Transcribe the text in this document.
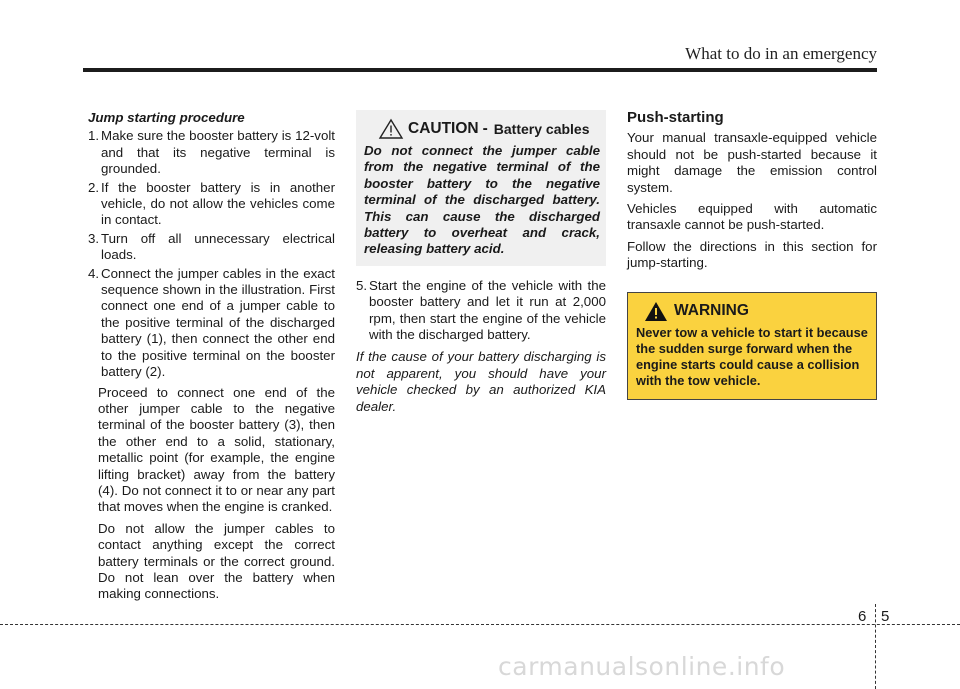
What to do in an emergency
Jump starting procedure
1. Make sure the booster battery is 12-volt and that its negative terminal is grounded.
2. If the booster battery is in another vehicle, do not allow the vehicles come in contact.
3. Turn off all unnecessary electrical loads.
4. Connect the jumper cables in the exact sequence shown in the illustration. First connect one end of a jumper cable to the positive terminal of the discharged battery (1), then connect the other end to the positive terminal on the booster battery (2).
Proceed to connect one end of the other jumper cable to the negative terminal of the booster battery (3), then the other end to a solid, stationary, metallic point (for example, the engine lifting bracket) away from the battery (4). Do not connect it to or near any part that moves when the engine is cranked.
Do not allow the jumper cables to contact anything except the correct battery terminals or the correct ground. Do not lean over the battery when making connections.
CAUTION - Battery cables
Do not connect the jumper cable from the negative terminal of the booster battery to the negative terminal of the discharged battery. This can cause the discharged battery to overheat and crack, releasing battery acid.
5. Start the engine of the vehicle with the booster battery and let it run at 2,000 rpm, then start the engine of the vehicle with the discharged battery.
If the cause of your battery discharging is not apparent, you should have your vehicle checked by an authorized KIA dealer.
Push-starting

Your manual transaxle-equipped vehicle should not be push-started because it might damage the emission control system.

Vehicles equipped with automatic transaxle cannot be push-started.

Follow the directions in this section for jump-starting.

WARNING
Never tow a vehicle to start it because the sudden surge forward when the engine starts could cause a collision with the tow vehicle.
6 5
carmanualsonline.info
